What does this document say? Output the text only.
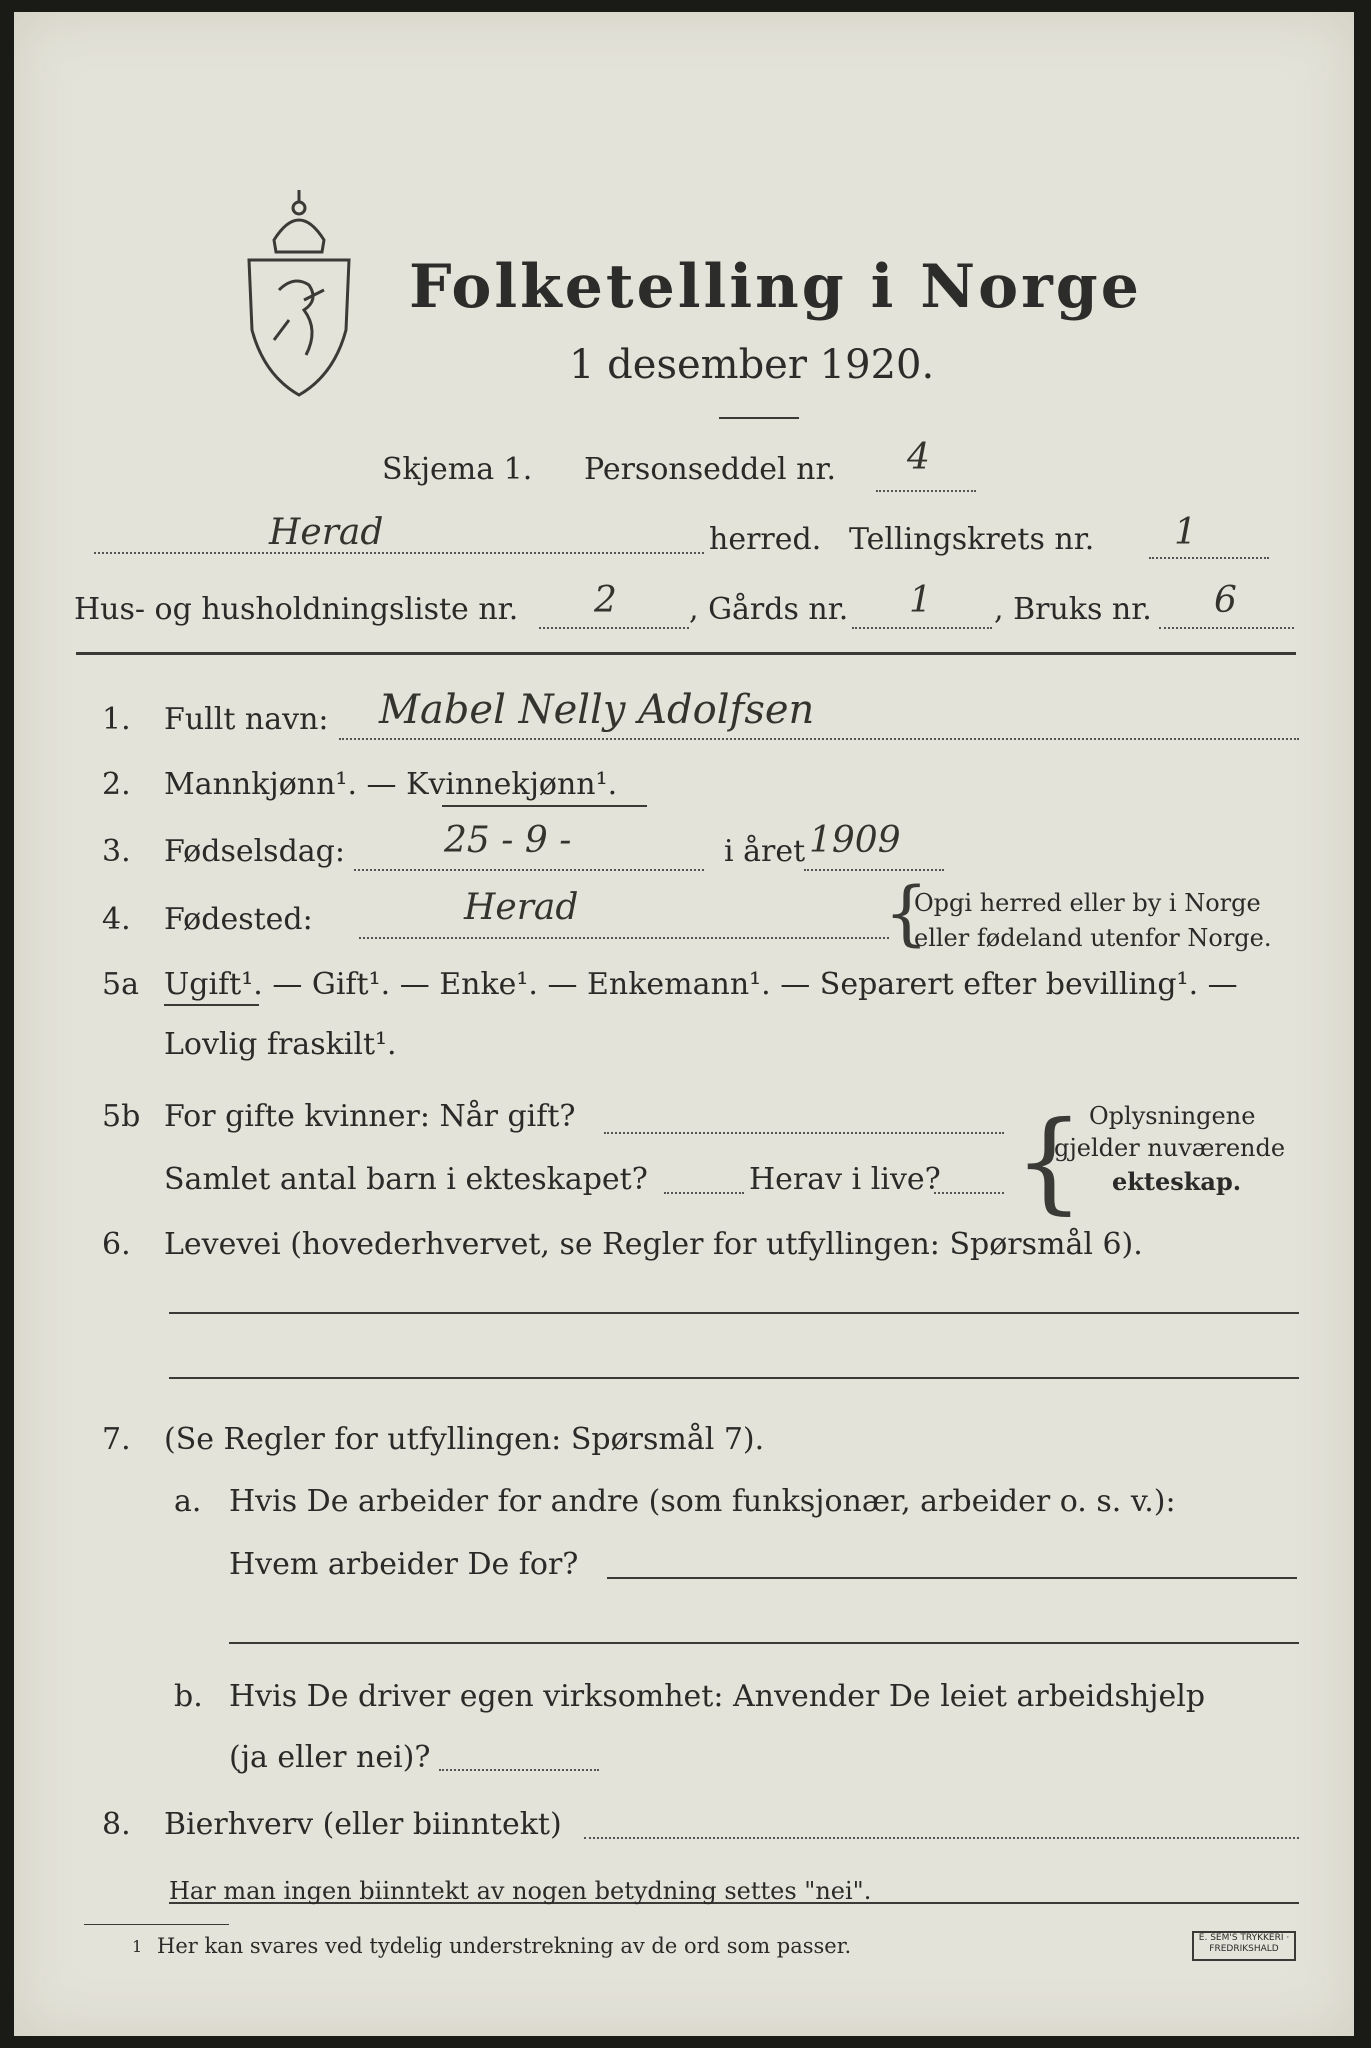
Folketelling i Norge
1 desember 1920.
Skjema 1. Personseddel nr. 4
Herad	herred. Tellingskrets nr. 1
Hus- og husholdningsliste nr. 2 , Gårds nr. 1 , Bruks nr. 6
1. Fullt navn: Mabel Nelly Adolfsen
2. Mannkjønn¹. — Kvinnekjønn¹.
3. Fødselsdag:	25 - 9 -	i året 1909
4. Fødested:	Herad	{
Opgi herred eller by i Norge
eller fødeland utenfor Norge.
5a Ugift¹. — Gift¹. — Enke¹. — Enkemann¹. — Separert efter bevilling¹. —
Lovlig fraskilt¹.
5b For gifte kvinner: Når gift?
Samlet antal barn i ekteskapet?	Herav i live? { Oplysningene
gjelder nuværende
ekteskap.
6. Levevei (hovederhvervet, se Regler for utfyllingen: Spørsmål 6).
7. (Se Regler for utfyllingen: Spørsmål 7).
a. Hvis De arbeider for andre (som funksjonær, arbeider o. s. v.):
Hvem arbeider De for?
b. Hvis De driver egen virksomhet: Anvender De leiet arbeidshjelp
(ja eller nei)?
8. Bierhverv (eller biinntekt)
Har man ingen biinntekt av nogen betydning settes "nei".
1 Her kan svares ved tydelig understrekning av de ord som passer.	E. SEM'S TRYKKERI · FREDRIKSHALD
